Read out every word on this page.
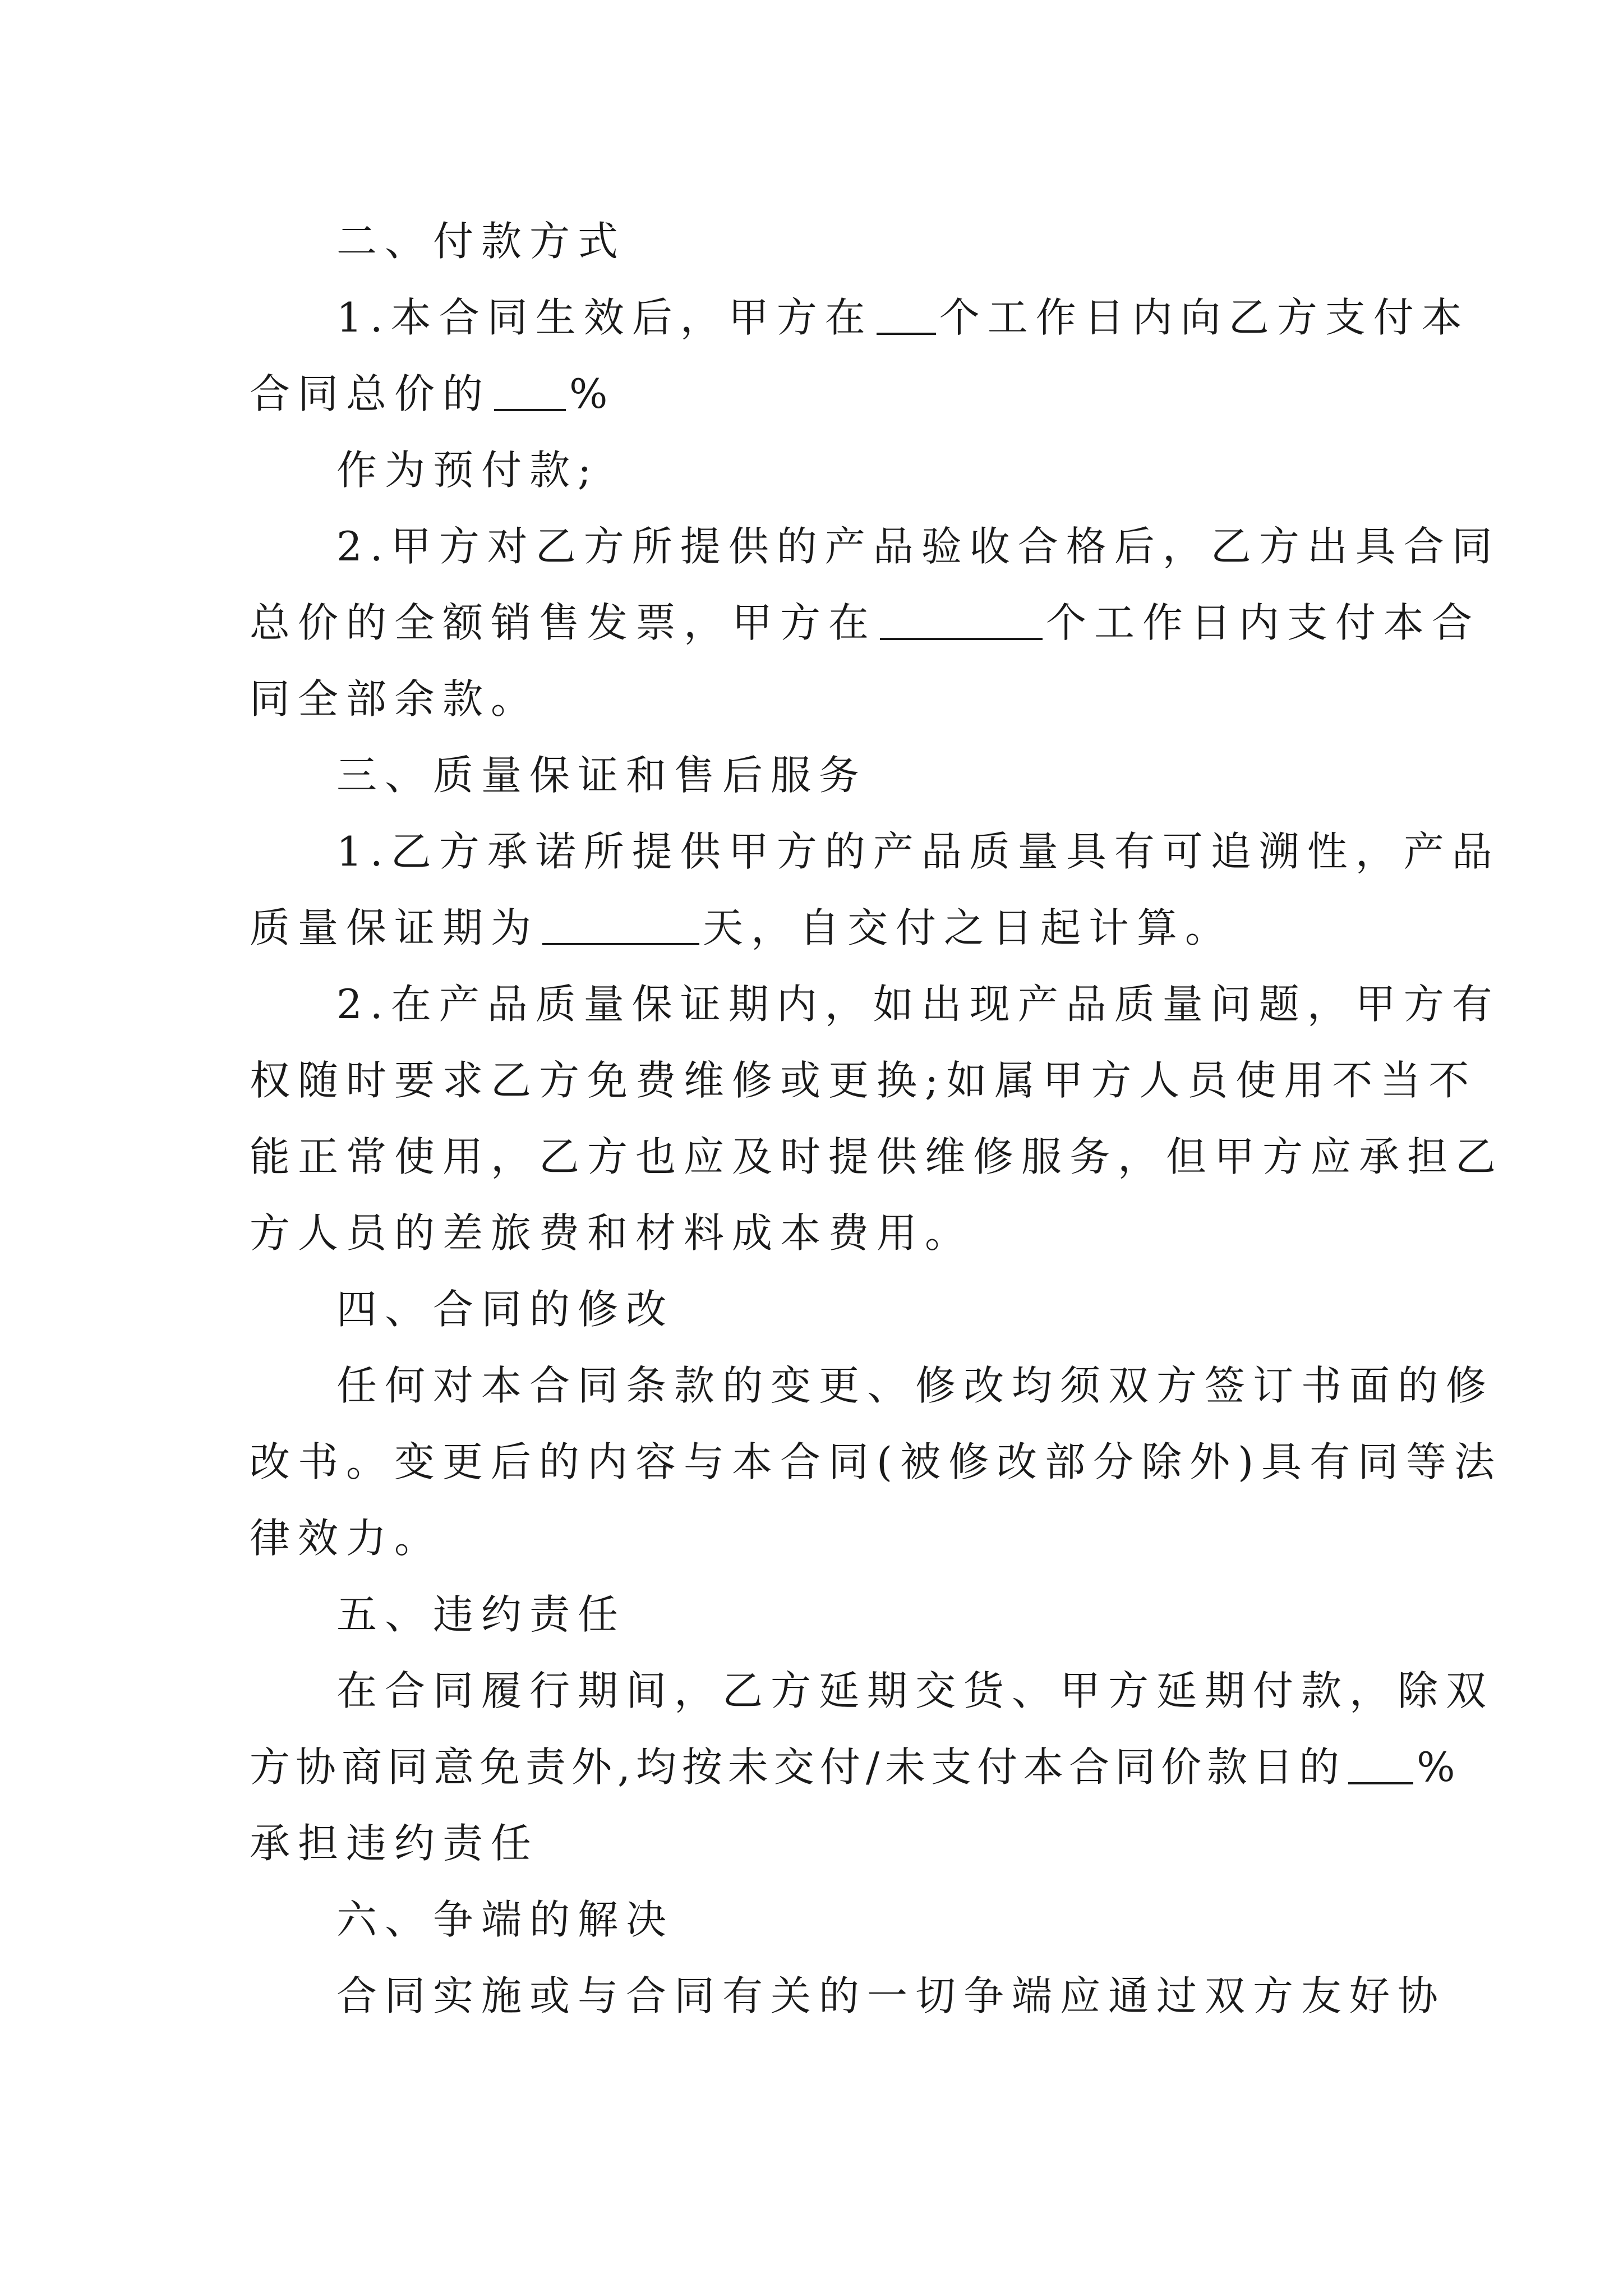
二、付款方式
1.本合同生效后，甲方在 个工作日内向乙方支付本
合同总价的 %
作为预付款;
2.甲方对乙方所提供的产品验收合格后，乙方出具合同
总价的全额销售发票，甲方在	个工作日内支付本合
同全部余款。
三、质量保证和售后服务
1.乙方承诺所提供甲方的产品质量具有可追溯性，产品
质量保证期为	天，自交付之日起计算。
2.在产品质量保证期内，如出现产品质量问题，甲方有
权随时要求乙方免费维修或更换;如属甲方人员使用不当不
能正常使用，乙方也应及时提供维修服务，但甲方应承担乙
方人员的差旅费和材料成本费用。
四、合同的修改
任何对本合同条款的变更、修改均须双方签订书面的修
改书。变更后的内容与本合同(被修改部分除外)具有同等法
律效力。
五、违约责任
在合同履行期间，乙方延期交货、甲方延期付款，除双
方协商同意免责外,均按未交付/未支付本合同价款日的 %
承担违约责任
六、争端的解决
合同实施或与合同有关的一切争端应通过双方友好协
